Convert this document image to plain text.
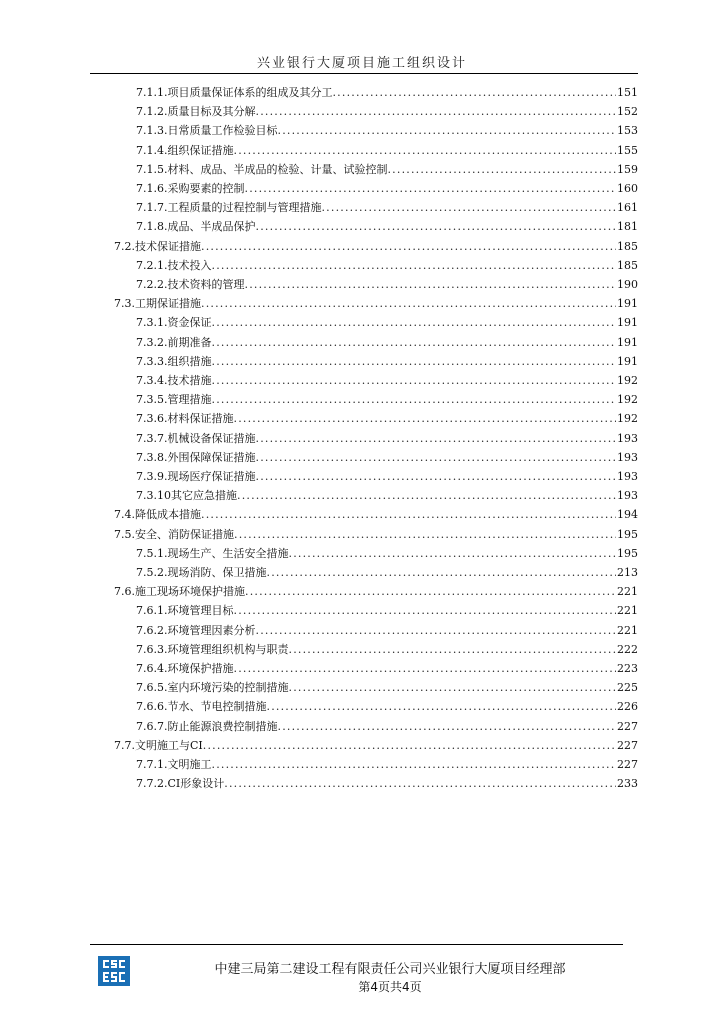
兴业银行大厦项目施工组织设计
7.1.1.项目质量保证体系的组成及其分工 .....	151
7.1.2.质量目标及其分解 .....	152
7.1.3.日常质量工作检验目标 .....	153
7.1.4.组织保证措施 .....	155
7.1.5.材料、成品、半成品的检验、计量、试验控制 .....	159
7.1.6.采购要素的控制 .....	160
7.1.7.工程质量的过程控制与管理措施 .....	161
7.1.8.成品、半成品保护 .....	181
7.2.技术保证措施 .....	185
7.2.1.技术投入 .....	185
7.2.2.技术资料的管理 .....	190
7.3.工期保证措施 .....	191
7.3.1.资金保证 .....	191
7.3.2.前期准备 .....	191
7.3.3.组织措施 .....	191
7.3.4.技术措施 .....	192
7.3.5.管理措施 .....	192
7.3.6.材料保证措施 .....	192
7.3.7.机械设备保证措施 .....	193
7.3.8.外围保障保证措施 .....	193
7.3.9.现场医疗保证措施 .....	193
7.3.10其它应急措施 .....	193
7.4.降低成本措施 .....	194
7.5.安全、消防保证措施 .....	195
7.5.1.现场生产、生活安全措施 .....	195
7.5.2.现场消防、保卫措施 .....	213
7.6.施工现场环境保护措施 .....	221
7.6.1.环境管理目标 .....	221
7.6.2.环境管理因素分析 .....	221
7.6.3.环境管理组织机构与职责 .....	222
7.6.4.环境保护措施 .....	223
7.6.5.室内环境污染的控制措施 .....	225
7.6.6.节水、节电控制措施 .....	226
7.6.7.防止能源浪费控制措施 .....	227
7.7.文明施工与CI .....	227
7.7.1.文明施工 .....	227
7.7.2.CI形象设计 .....	233
中建三局第二建设工程有限责任公司兴业银行大厦项目经理部
第4页共4页
